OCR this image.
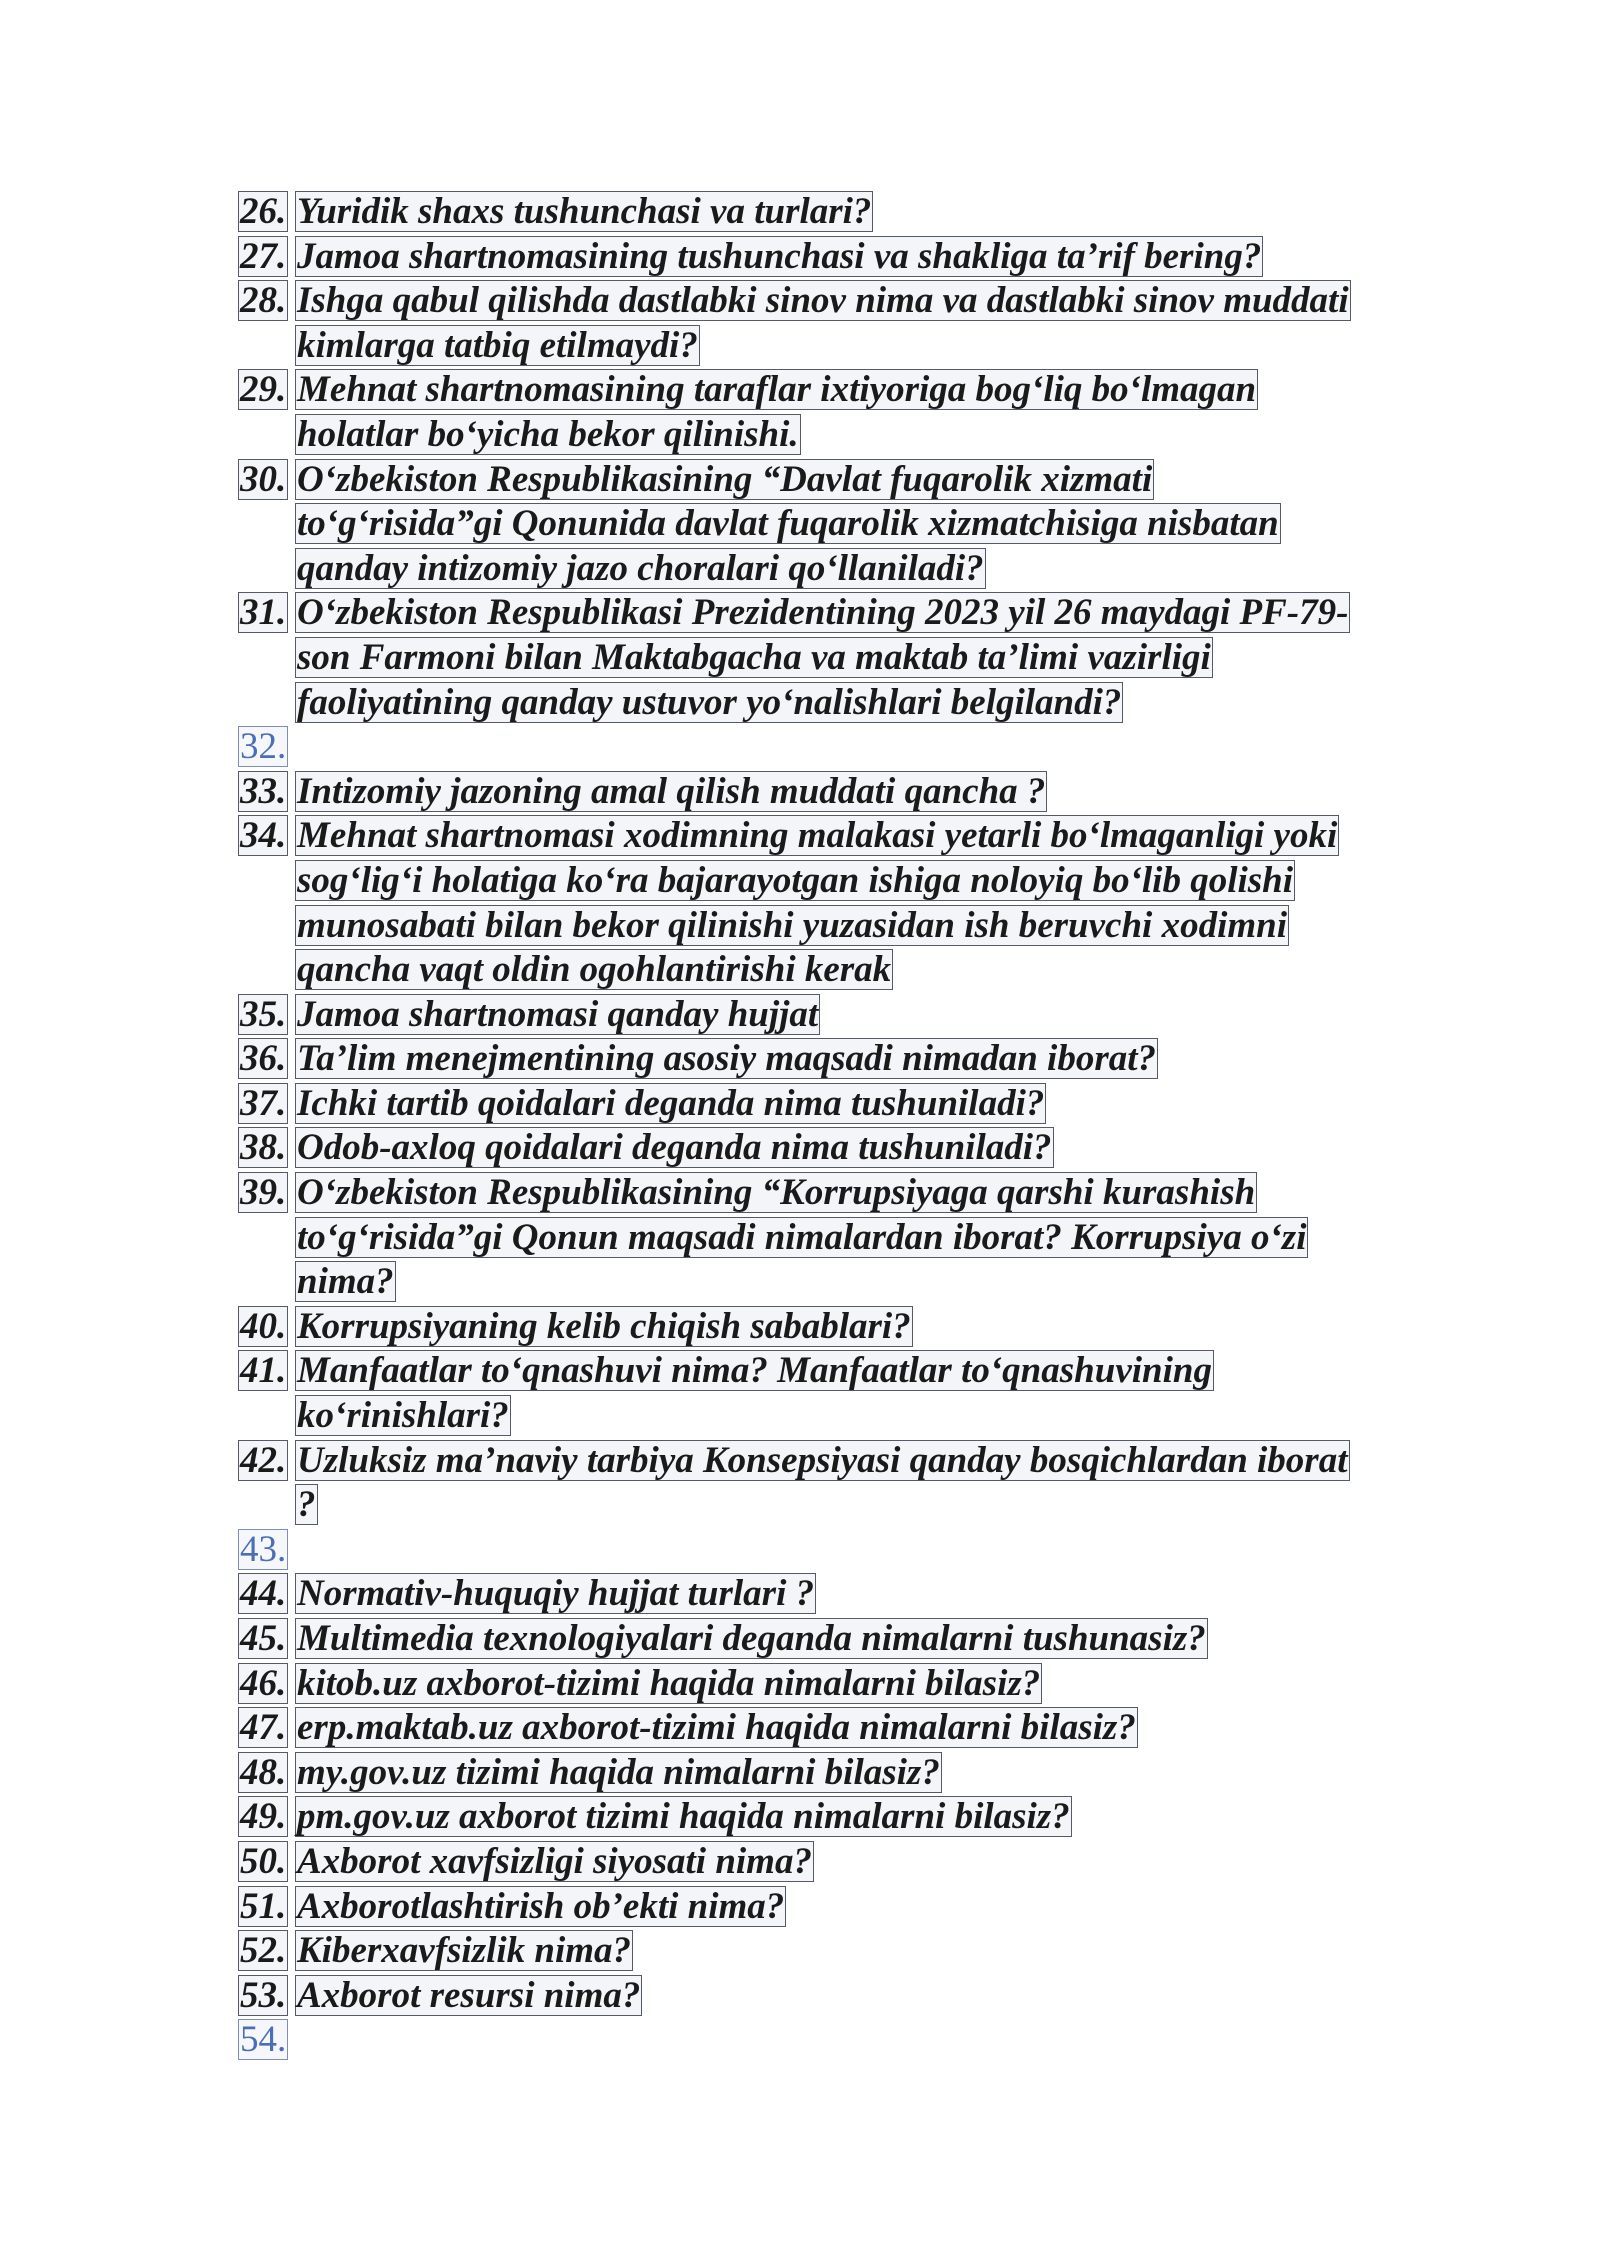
26. Yuridik shaxs tushunchasi va turlari?
27. Jamoa shartnomasining tushunchasi va shakliga ta’rif bering?
28. Ishga qabul qilishda dastlabki sinov nima va dastlabki sinov muddati kimlarga tatbiq etilmaydi?
29. Mehnat shartnomasining taraflar ixtiyoriga bog‘liq bo‘lmagan holatlar bo‘yicha bekor qilinishi.
30. O‘zbekiston Respublikasining “Davlat fuqarolik xizmati to‘g‘risida”gi Qonunida davlat fuqarolik xizmatchisiga nisbatan qanday intizomiy jazo choralari qo‘llaniladi?
31. O‘zbekiston Respublikasi Prezidentining 2023 yil 26 maydagi PF-79-son Farmoni bilan Maktabgacha va maktab ta’limi vazirligi faoliyatining qanday ustuvor yo‘nalishlari belgilandi?
32.
33. Intizomiy jazoning amal qilish muddati qancha ?
34. Mehnat shartnomasi xodimning malakasi yetarli bo‘lmaganligi yoki sog‘lig‘i holatiga ko‘ra bajarayotgan ishiga noloyiq bo‘lib qolishi munosabati bilan bekor qilinishi yuzasidan ish beruvchi xodimni qancha vaqt oldin ogohlantirishi kerak
35. Jamoa shartnomasi qanday hujjat
36. Ta’lim menejmentining asosiy maqsadi nimadan iborat?
37. Ichki tartib qoidalari deganda nima tushuniladi?
38. Odob-axloq qoidalari deganda nima tushuniladi?
39. O‘zbekiston Respublikasining “Korrupsiyaga qarshi kurashish to‘g‘risida”gi Qonun maqsadi nimalardan iborat? Korrupsiya o‘zi nima?
40. Korrupsiyaning kelib chiqish sabablari?
41. Manfaatlar to‘qnashuvi nima? Manfaatlar to‘qnashuvining ko‘rinishlari?
42. Uzluksiz ma’naviy tarbiya Konsepsiyasi qanday bosqichlardan iborat ?
43.
44. Normativ-huquqiy hujjat turlari ?
45. Multimedia texnologiyalari deganda nimalarni tushunasiz?
46. kitob.uz axborot-tizimi haqida nimalarni bilasiz?
47. erp.maktab.uz axborot-tizimi haqida nimalarni bilasiz?
48. my.gov.uz tizimi haqida nimalarni bilasiz?
49. pm.gov.uz axborot tizimi haqida nimalarni bilasiz?
50. Axborot xavfsizligi siyosati nima?
51. Axborotlashtirish ob’ekti nima?
52. Kiberxavfsizlik nima?
53. Axborot resursi nima?
54.
